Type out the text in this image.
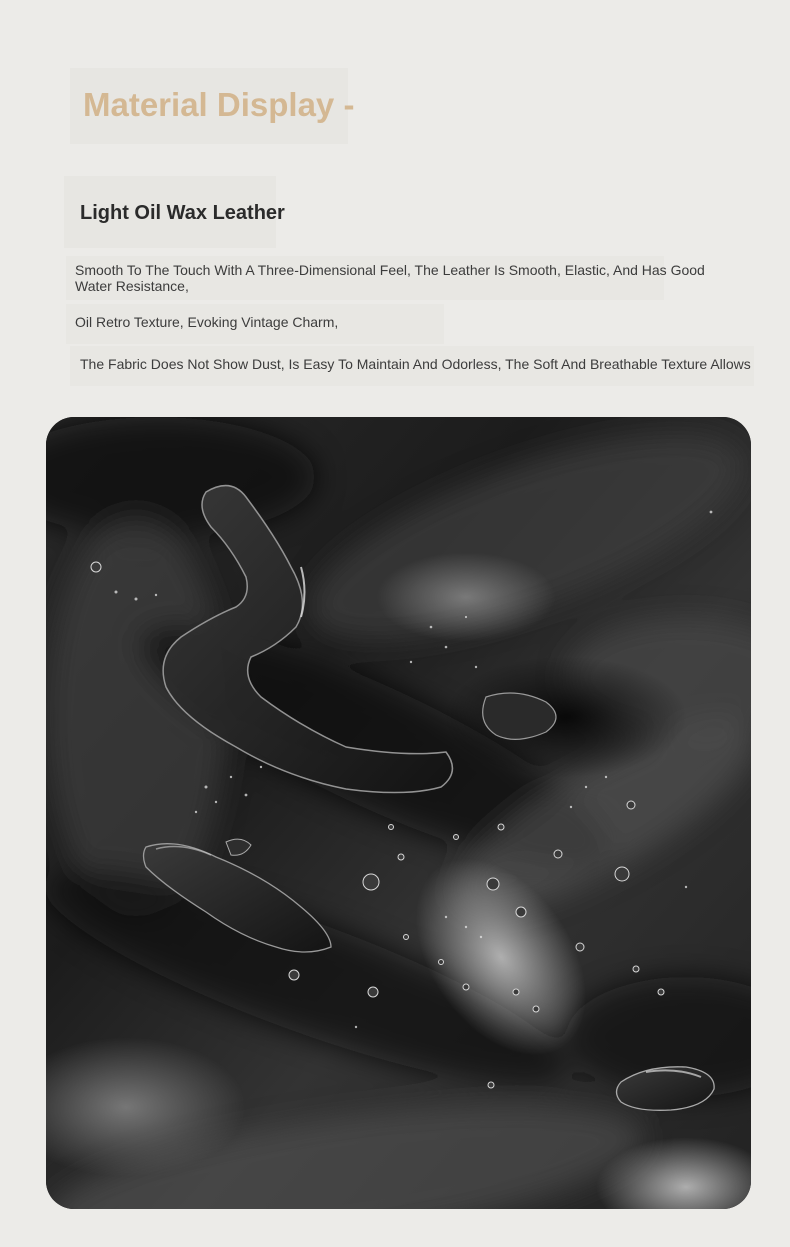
Material Display -
Light Oil Wax Leather

Smooth To The Touch With A Three-Dimensional Feel, The Leather Is Smooth, Elastic, And Has Good Water Resistance,

Oil Retro Texture, Evoking Vintage Charm,

The Fabric Does Not Show Dust, Is Easy To Maintain And Odorless, The Soft And Breathable Texture Allows
